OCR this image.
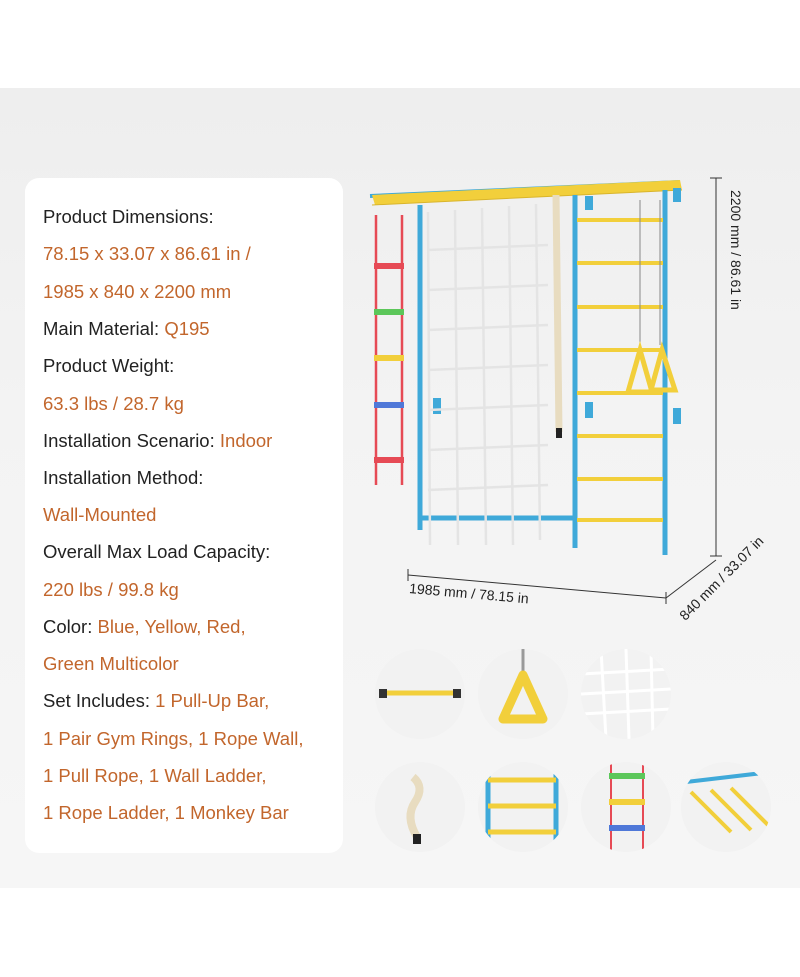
Product Dimensions:
78.15 x 33.07 x 86.61 in /
1985 x 840 x 2200 mm
Main Material: Q195
Product Weight:
63.3 lbs / 28.7 kg
Installation Scenario: Indoor
Installation Method:
Wall-Mounted
Overall Max Load Capacity:
220 lbs / 99.8 kg
Color: Blue, Yellow, Red,
Green Multicolor
Set Includes: 1 Pull-Up Bar,
1 Pair Gym Rings, 1 Rope Wall,
1 Pull Rope, 1 Wall Ladder,
1 Rope Ladder, 1 Monkey Bar
2200 mm / 86.61 in
1985 mm / 78.15 in	840 mm / 33.07 in
